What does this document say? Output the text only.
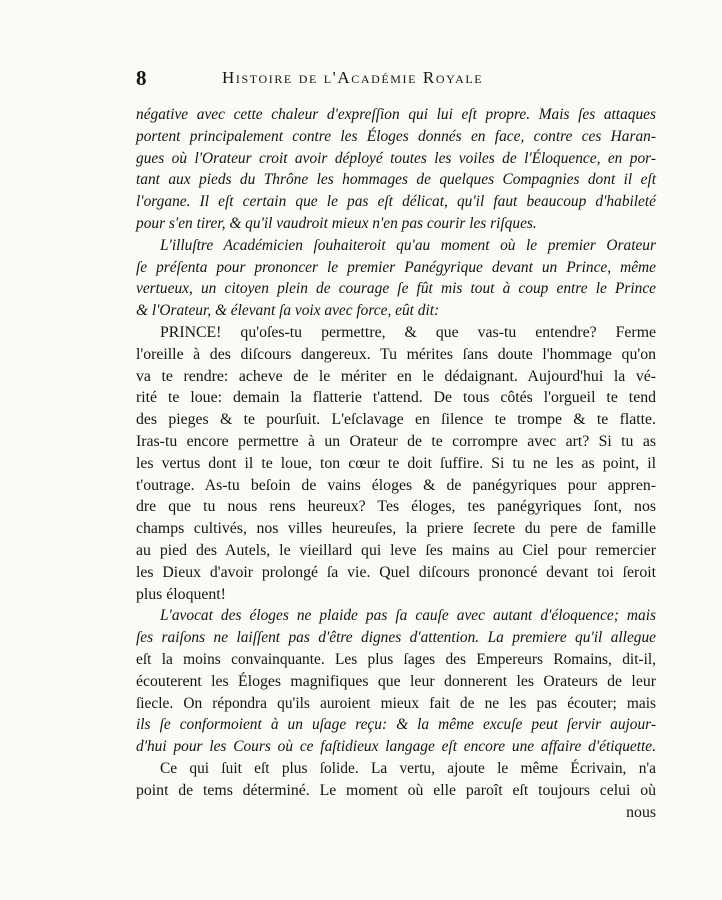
8	Histoire de l'Académie Royale
négative avec cette chaleur d'expreſſion qui lui eſt propre. Mais ſes attaques
portent principalement contre les Éloges donnés en face, contre ces Haran-
gues où l'Orateur croit avoir déployé toutes les voiles de l'Éloquence, en por-
tant aux pieds du Thrône les hommages de quelques Compagnies dont il eſt
l'organe. Il eſt certain que le pas eſt délicat, qu'il faut beaucoup d'habileté
pour s'en tirer, & qu'il vaudroit mieux n'en pas courir les riſques.
L'illuſtre Académicien ſouhaiteroit qu'au moment où le premier Orateur
ſe préſenta pour prononcer le premier Panégyrique devant un Prince, même
vertueux, un citoyen plein de courage ſe fût mis tout à coup entre le Prince
& l'Orateur, & élevant ſa voix avec force, eût dit:
PRINCE! qu'oſes-tu permettre, & que vas-tu entendre? Ferme
l'oreille à des diſcours dangereux. Tu mérites ſans doute l'hommage qu'on
va te rendre: acheve de le mériter en le dédaignant. Aujourd'hui la vé-
rité te loue: demain la flatterie t'attend. De tous côtés l'orgueil te tend
des pieges & te pourſuit. L'eſclavage en ſilence te trompe & te flatte.
Iras-tu encore permettre à un Orateur de te corrompre avec art? Si tu as
les vertus dont il te loue, ton cœur te doit ſuffire. Si tu ne les as point, il
t'outrage. As-tu beſoin de vains éloges & de panégyriques pour appren-
dre que tu nous rens heureux? Tes éloges, tes panégyriques ſont, nos
champs cultivés, nos villes heureuſes, la priere ſecrete du pere de famille
au pied des Autels, le vieillard qui leve ſes mains au Ciel pour remercier
les Dieux d'avoir prolongé ſa vie. Quel diſcours prononcé devant toi ſeroit
plus éloquent!
L'avocat des éloges ne plaide pas ſa cauſe avec autant d'éloquence; mais
ſes raiſons ne laiſſent pas d'être dignes d'attention. La premiere qu'il allegue
eſt la moins convainquante. Les plus ſages des Empereurs Romains, dit-il,
écouterent les Éloges magnifiques que leur donnerent les Orateurs de leur
ſiecle. On répondra qu'ils auroient mieux fait de ne les pas écouter; mais
ils ſe conformoient à un uſage reçu: & la même excuſe peut ſervir aujour-
d'hui pour les Cours où ce faſtidieux langage eſt encore une affaire d'étiquette.
Ce qui ſuit eſt plus ſolide. La vertu, ajoute le même Écrivain, n'a
point de tems déterminé. Le moment où elle paroît eſt toujours celui où
nous
